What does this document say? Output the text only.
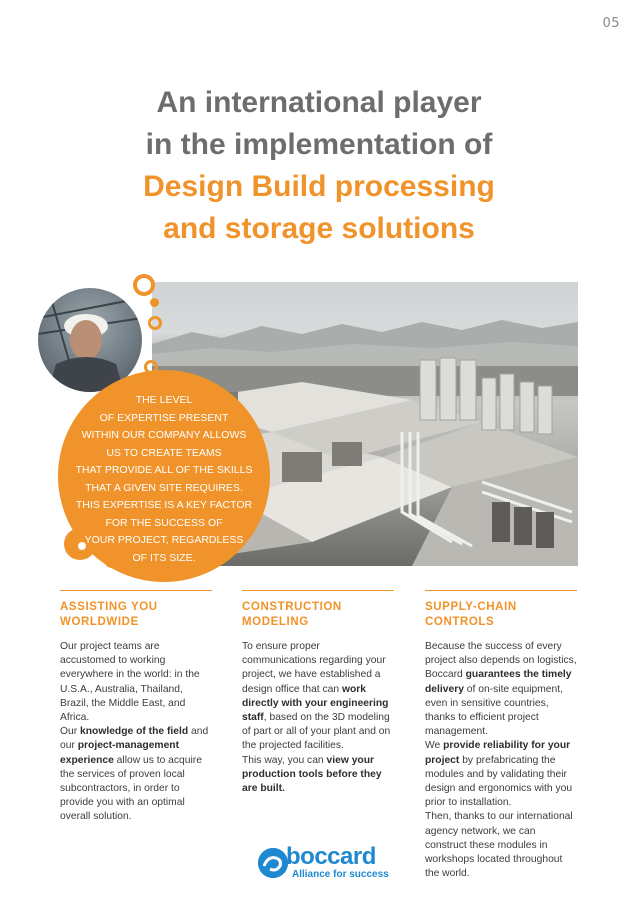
05
An international player
in the implementation of
Design Build processing
and storage solutions

THE LEVEL
OF EXPERTISE PRESENT
WITHIN OUR COMPANY ALLOWS
US TO CREATE TEAMS
THAT PROVIDE ALL OF THE SKILLS
THAT A GIVEN SITE REQUIRES.
THIS EXPERTISE IS A KEY FACTOR
FOR THE SUCCESS OF
YOUR PROJECT, REGARDLESS
OF ITS SIZE.

ASSISTING YOU
WORLDWIDE

Our project teams are accustomed to working everywhere in the world: in the U.S.A., Australia, Thailand, Brazil, the Middle East, and Africa.
Our knowledge of the field and our project-management experience allow us to acquire the services of proven local subcontractors, in order to provide you with an optimal overall solution.

CONSTRUCTION
MODELING

To ensure proper communications regarding your project, we have established a design office that can work directly with your engineering staff, based on the 3D modeling of part or all of your plant and on the projected facilities.
This way, you can view your production tools before they are built.

SUPPLY-CHAIN
CONTROLS

Because the success of every project also depends on logistics, Boccard guarantees the timely delivery of on-site equipment, even in sensitive countries, thanks to efficient project management.
We provide reliability for your project by prefabricating the modules and by validating their design and ergonomics with you prior to installation.
Then, thanks to our international agency network, we can construct these modules in workshops located throughout the world.

boccard
Alliance for success
